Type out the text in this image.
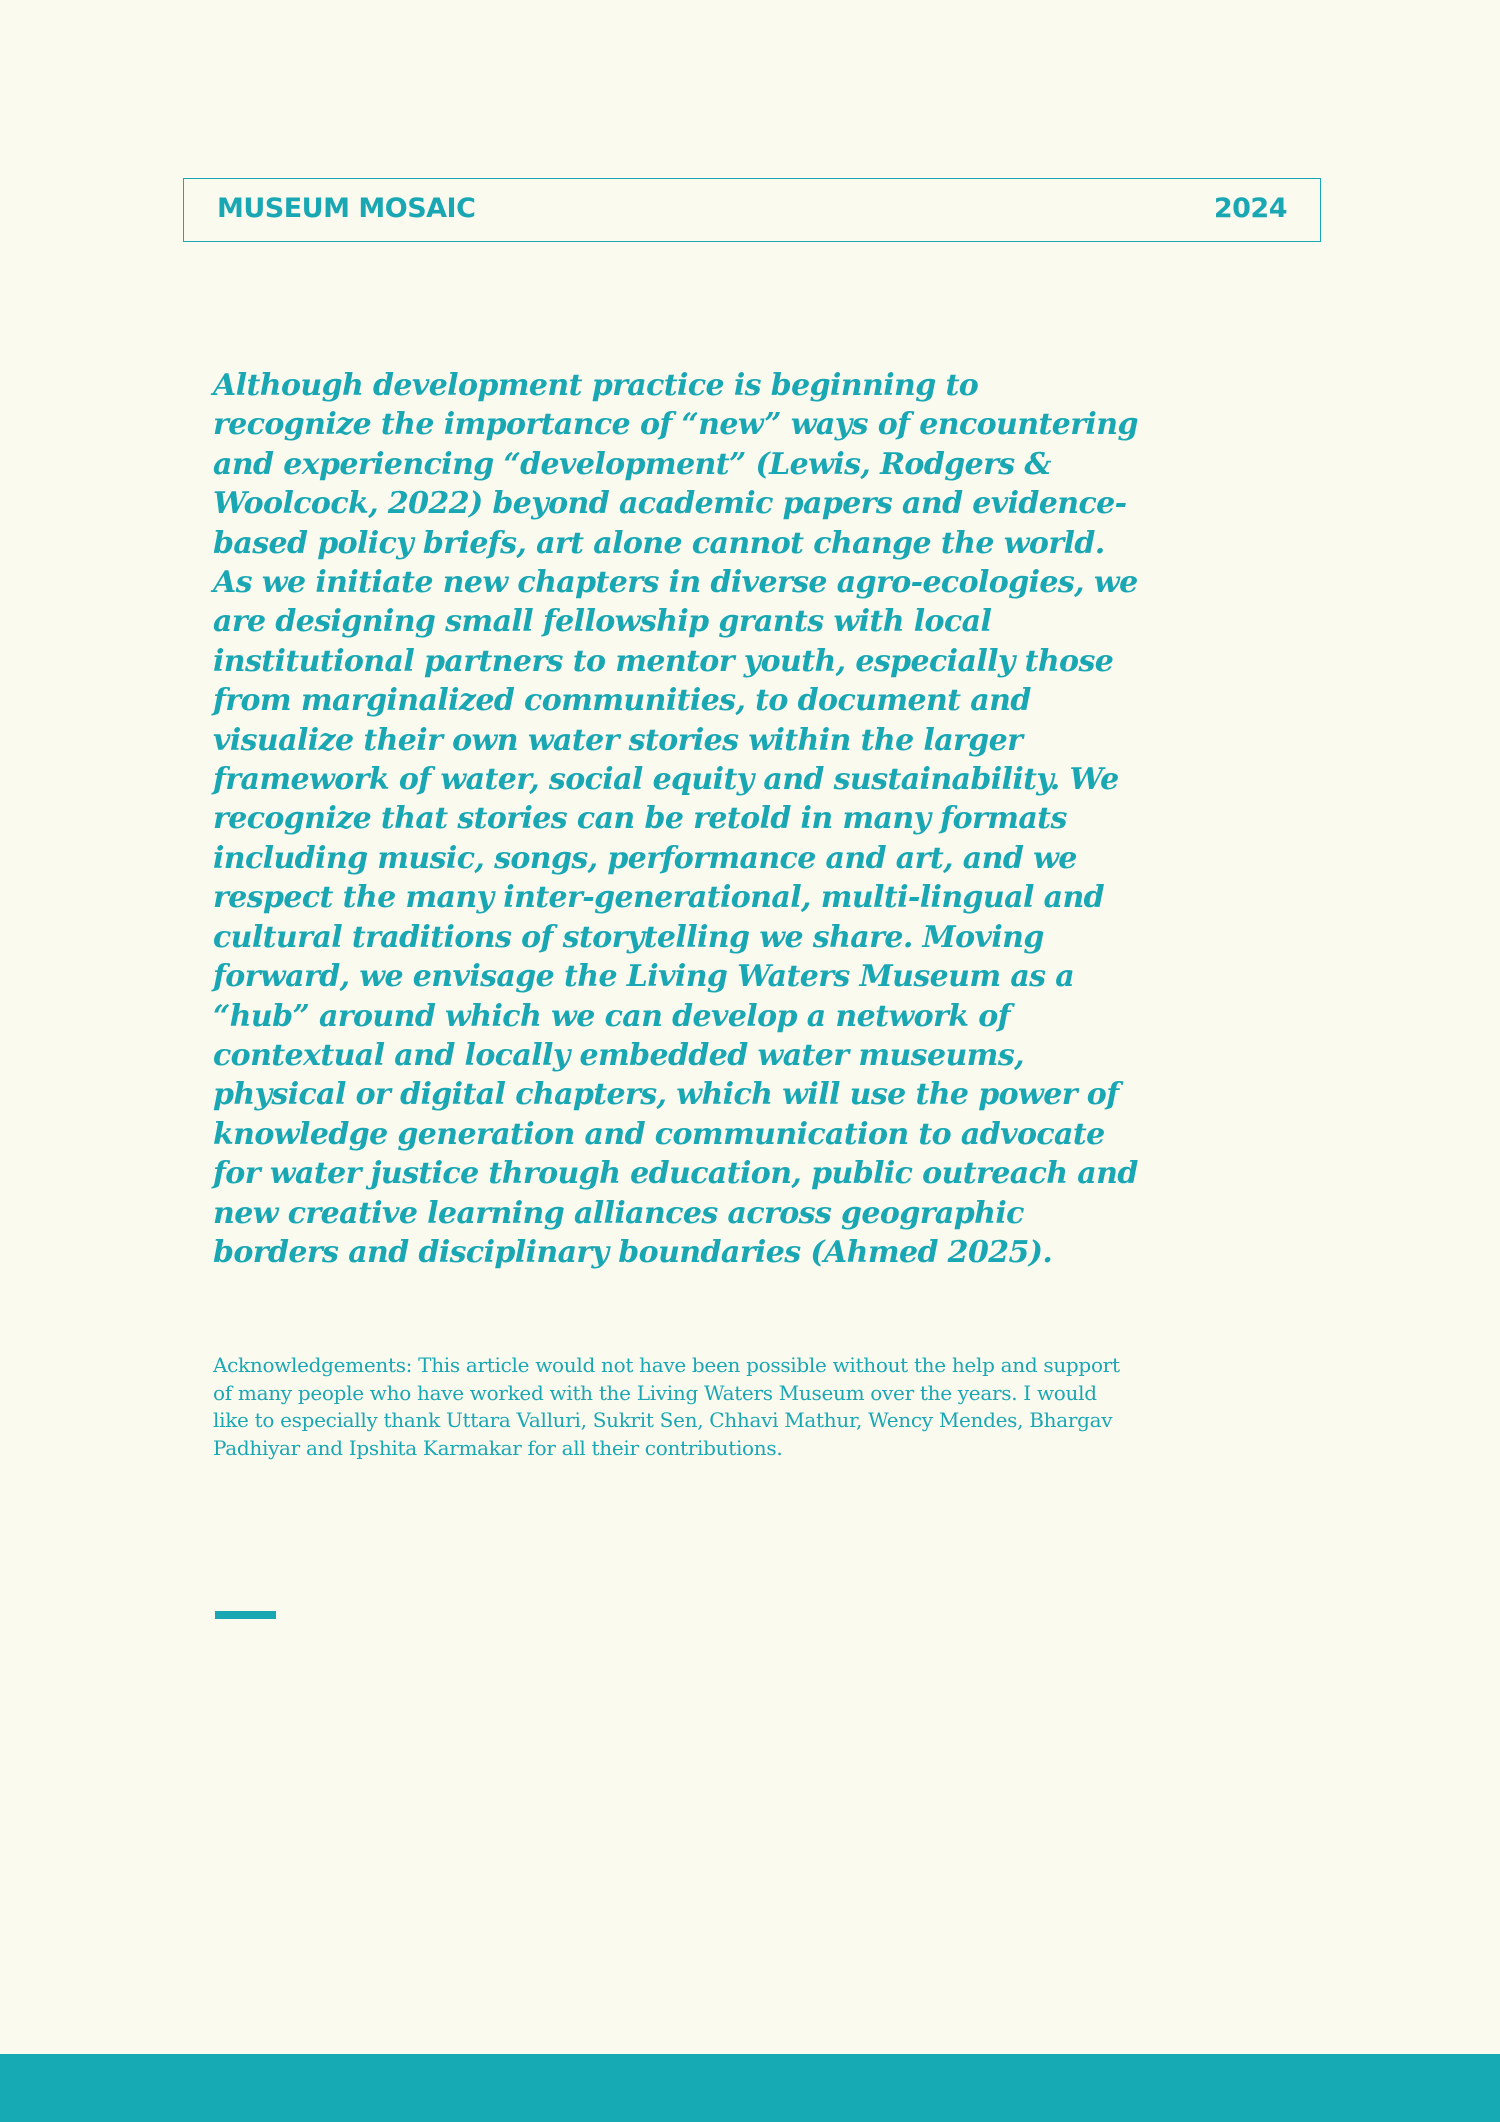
MUSEUM MOSAIC	2024

Although development practice is beginning to recognize the importance of “new” ways of encountering and experiencing “development” (Lewis, Rodgers & Woolcock, 2022) beyond academic papers and evidence-based policy briefs, art alone cannot change the world. As we initiate new chapters in diverse agro-ecologies, we are designing small fellowship grants with local institutional partners to mentor youth, especially those from marginalized communities, to document and visualize their own water stories within the larger framework of water, social equity and sustainability. We recognize that stories can be retold in many formats including music, songs, performance and art, and we respect the many inter-generational, multi-lingual and cultural traditions of storytelling we share. Moving forward, we envisage the Living Waters Museum as a “hub” around which we can develop a network of contextual and locally embedded water museums, physical or digital chapters, which will use the power of knowledge generation and communication to advocate for water justice through education, public outreach and new creative learning alliances across geographic borders and disciplinary boundaries (Ahmed 2025).

Acknowledgements: This article would not have been possible without the help and support of many people who have worked with the Living Waters Museum over the years. I would like to especially thank Uttara Valluri, Sukrit Sen, Chhavi Mathur, Wency Mendes, Bhargav Padhiyar and Ipshita Karmakar for all their contributions.
